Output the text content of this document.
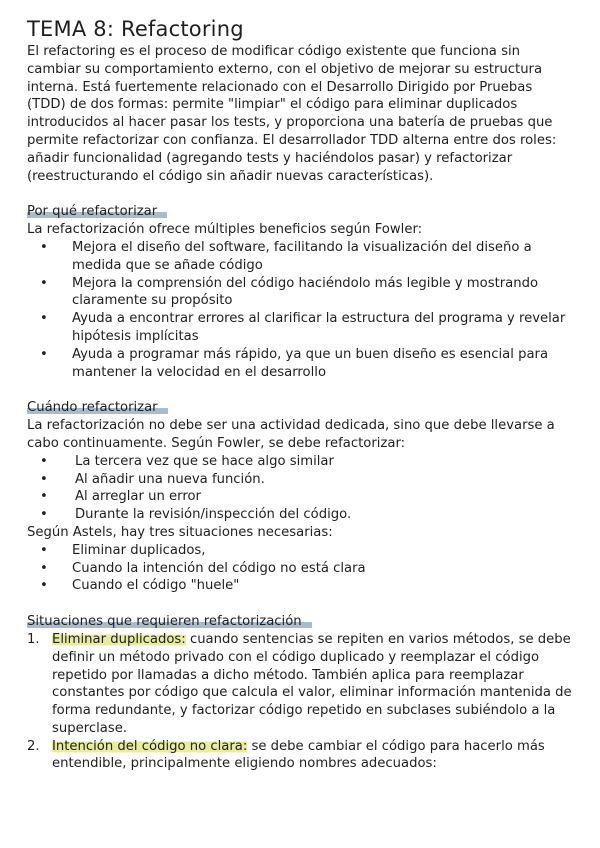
TEMA 8: Refactoring

El refactoring es el proceso de modificar código existente que funciona sin cambiar su comportamiento externo, con el objetivo de mejorar su estructura interna. Está fuertemente relacionado con el Desarrollo Dirigido por Pruebas (TDD) de dos formas: permite "limpiar" el código para eliminar duplicados introducidos al hacer pasar los tests, y proporciona una batería de pruebas que permite refactorizar con confianza. El desarrollador TDD alterna entre dos roles: añadir funcionalidad (agregando tests y haciéndolos pasar) y refactorizar (reestructurando el código sin añadir nuevas características).

Por qué refactorizar

La refactorización ofrece múltiples beneficios según Fowler:

• Mejora el diseño del software, facilitando la visualización del diseño a medida que se añade código
• Mejora la comprensión del código haciéndolo más legible y mostrando claramente su propósito
• Ayuda a encontrar errores al clarificar la estructura del programa y revelar hipótesis implícitas
• Ayuda a programar más rápido, ya que un buen diseño es esencial para mantener la velocidad en el desarrollo
Cuándo refactorizar

La refactorización no debe ser una actividad dedicada, sino que debe llevarse a cabo continuamente. Según Fowler, se debe refactorizar:

• La tercera vez que se hace algo similar
• Al añadir una nueva función.
• Al arreglar un error
• Durante la revisión/inspección del código.

Según Astels, hay tres situaciones necesarias:

• Eliminar duplicados,
• Cuando la intención del código no está clara
• Cuando el código "huele"
Situaciones que requieren refactorización
1. Eliminar duplicados: cuando sentencias se repiten en varios métodos, se debe definir un método privado con el código duplicado y reemplazar el código repetido por llamadas a dicho método. También aplica para reemplazar constantes por código que calcula el valor, eliminar información mantenida de forma redundante, y factorizar código repetido en subclases subiéndolo a la superclase.
2. Intención del código no clara: se debe cambiar el código para hacerlo más entendible, principalmente eligiendo nombres adecuados:
